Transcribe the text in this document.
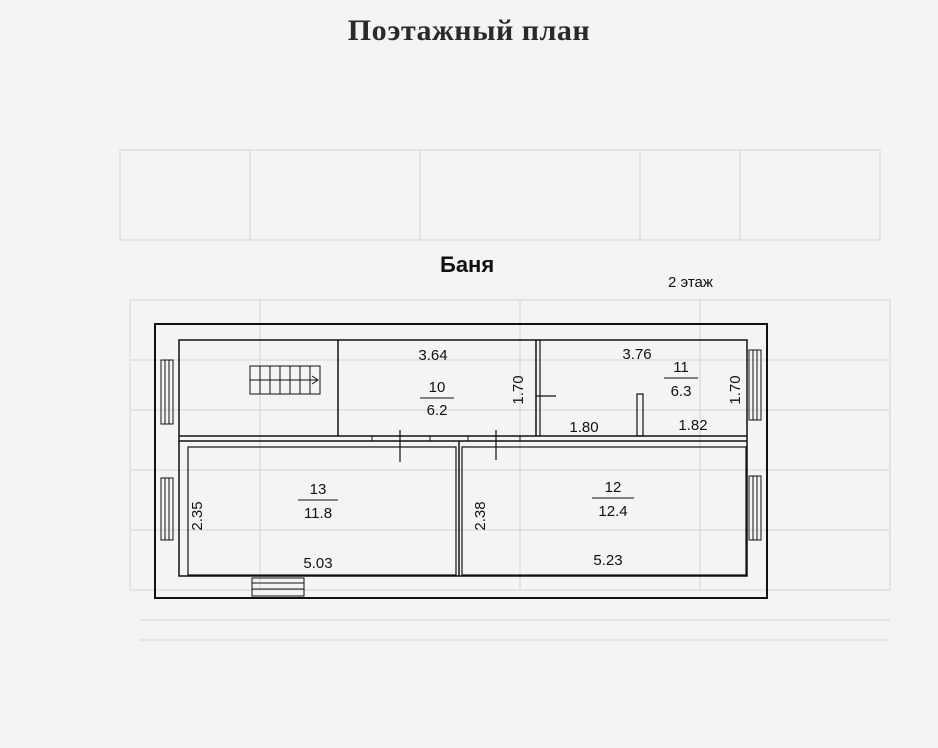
Поэтажный план
Баня
2 этаж
10
6.2
11
6.3
12
12.4
13
11.8
3.64	3.76
1.70	1.70
1.80	1.82
2.35
5.03
2.38
5.23
